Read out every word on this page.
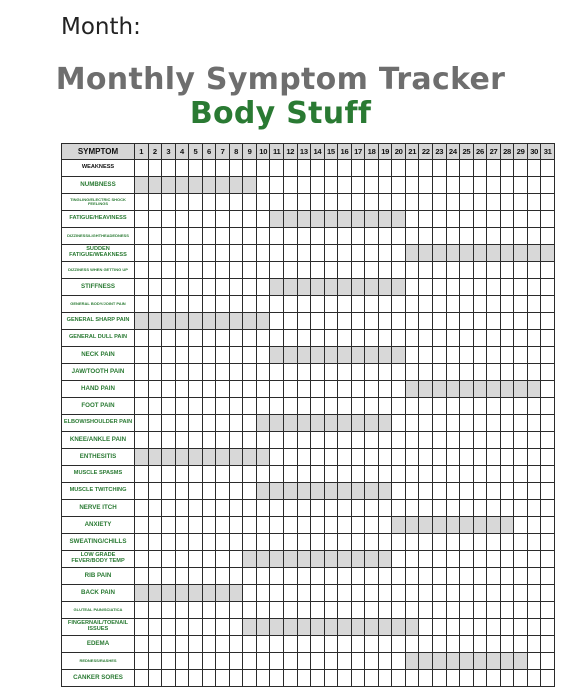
Month:
Monthly Symptom Tracker
Body Stuff
SYMPTOM	1	2	3	4	5	6	7	8	9	10	11	12	13	14	15	16	17	18	19	20	21	22	23	24	25	26	27	28	29	30	31
WEAKNESS																															
NUMBNESS																															
TINGLING/ELECTRIC SHOCK FEELINGS																															
FATIGUE/HEAVINESS																															
DIZZINESS/LIGHTHEADEDNESS																															
SUDDEN FATIGUE/WEAKNESS																															
DIZZINESS WHEN GETTING UP																															
STIFFNESS																															
GENERAL BODY/JOINT PAIN																															
GENERAL SHARP PAIN																															
GENERAL DULL PAIN																															
NECK PAIN																															
JAW/TOOTH PAIN																															
HAND PAIN																															
FOOT PAIN																															
ELBOW/SHOULDER PAIN																															
KNEE/ANKLE PAIN																															
ENTHESITIS																															
MUSCLE SPASMS																															
MUSCLE TWITCHING																															
NERVE ITCH																															
ANXIETY																															
SWEATING/CHILLS																															
LOW GRADE FEVER/BODY TEMP																															
RIB PAIN																															
BACK PAIN																															
GLUTEAL PAIN/SCIATICA																															
FINGERNAIL/TOENAIL ISSUES																															
EDEMA																															
REDNESS/RASHES																															
CANKER SORES																															
